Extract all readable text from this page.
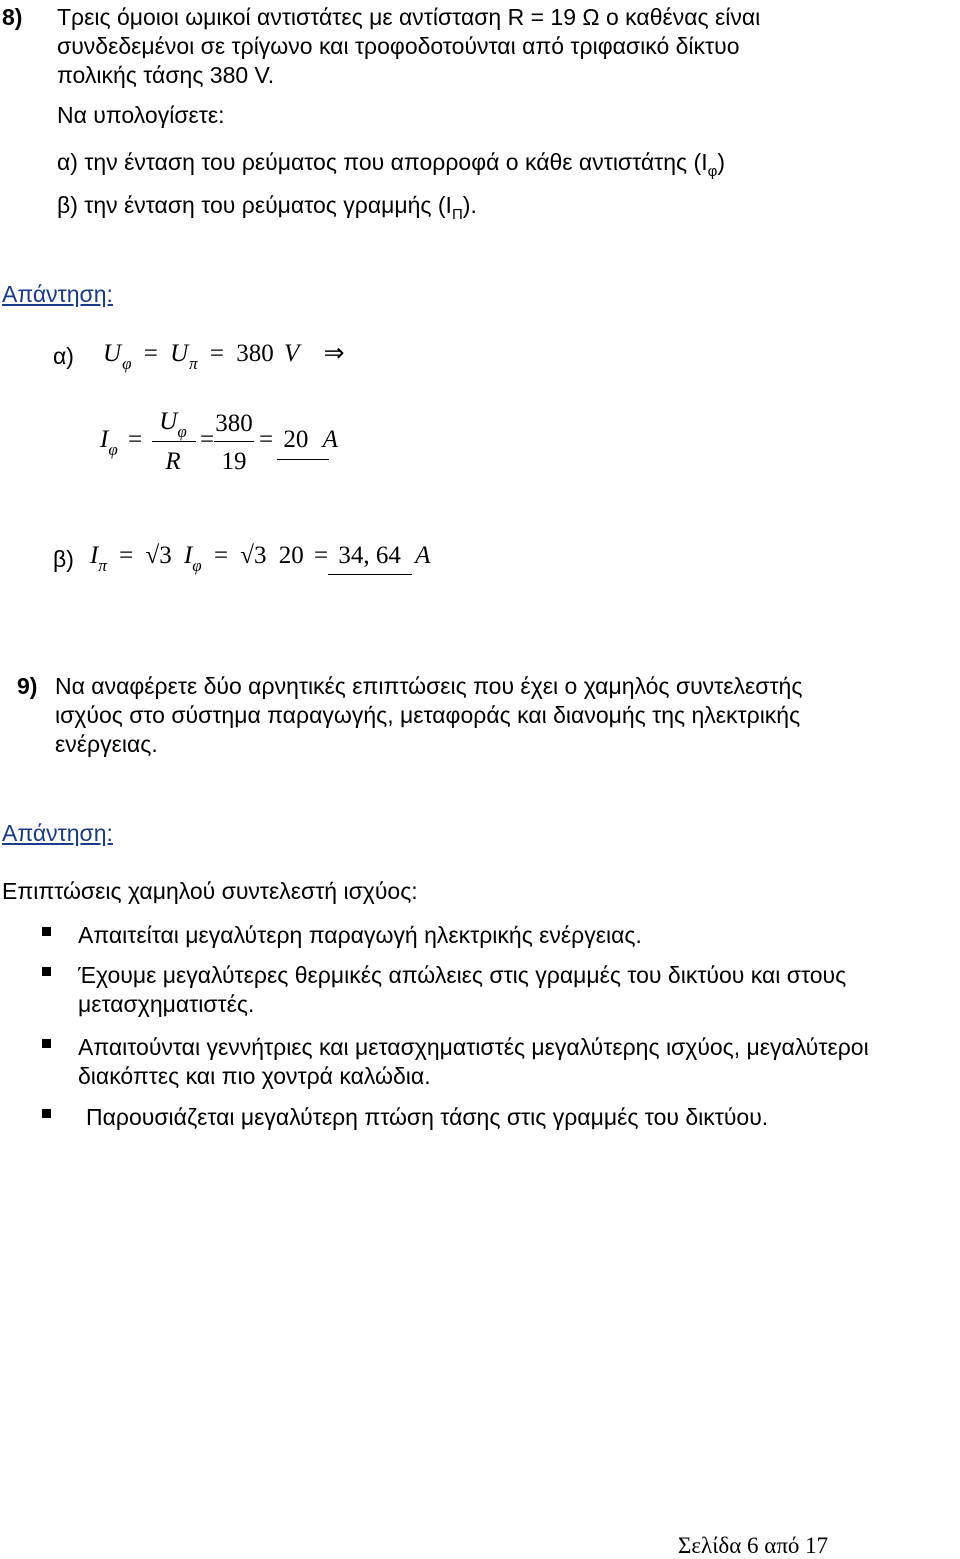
8) Τρεις όμοιοι ωμικοί αντιστάτες με αντίσταση R = 19 Ω ο καθένας είναι
συνδεδεμένοι σε τρίγωνο και τροφοδοτούνται από τριφασικό δίκτυο
πολικής τάσης 380 V.
Να υπολογίσετε:
α) την ένταση του ρεύματος που απορροφά ο κάθε αντιστάτης $(I_\varphi)$
β) την ένταση του ρεύματος γραμμής $(I_\Pi)$.
Απάντηση:
α) $U_\varphi = U_\pi = 380$ V ⇒
$I_\varphi$ =
$U_\varphi$
R
=
380
19
= 20 A
β) $I_\pi = √3$ $I_\varphi = √3$ 20 = 34, 64 A
9) Να αναφέρετε δύο αρνητικές επιπτώσεις που έχει ο χαμηλός συντελεστής
ισχύος στο σύστημα παραγωγής, μεταφοράς και διανομής της ηλεκτρικής
ενέργειας.
Απάντηση:
Επιπτώσεις χαμηλού συντελεστή ισχύος:
Απαιτείται μεγαλύτερη παραγωγή ηλεκτρικής ενέργειας.
Έχουμε μεγαλύτερες θερμικές απώλειες στις γραμμές του δικτύου και στους
μετασχηματιστές.
Απαιτούνται γεννήτριες και μετασχηματιστές μεγαλύτερης ισχύος, μεγαλύτεροι
διακόπτες και πιο χοντρά καλώδια.
Παρουσιάζεται μεγαλύτερη πτώση τάσης στις γραμμές του δικτύου.
Σελίδα 6 από 17
